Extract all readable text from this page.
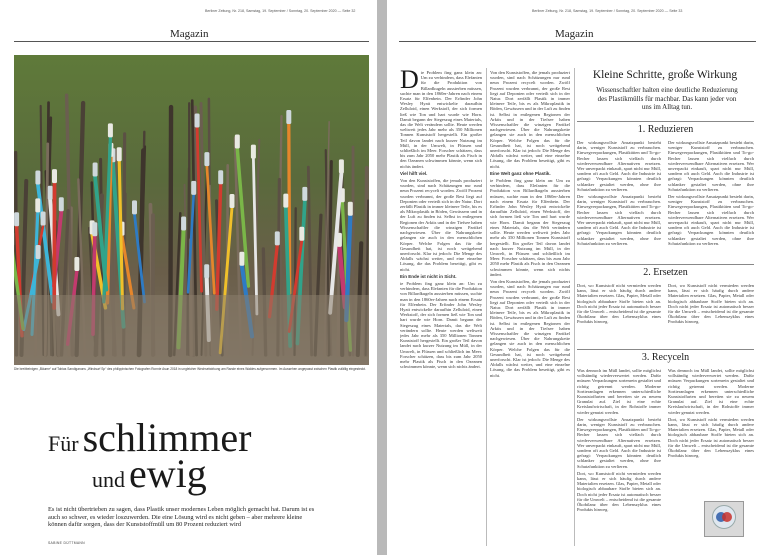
Berliner Zeitung, Nr. 218, Samstag, 19. September / Sonntag, 20. September 2020 — Seite 32
Magazin
Die breitbeinigen „Bäume“ auf Tobias Sandiganons „Windsurf Sp“ des philippinischen Fotografen Ronnie Asun 2018 in ungleicher Wechselwirkung am Rande eines Waldes aufgenommen. Im Aussehen angepasst zwischen Plastik zufällig eingesteckt.
Für schlimmer
und ewig
Es ist nicht übertrieben zu sagen, dass Plastik unser modernes Leben möglich gemacht hat. Darum ist es auch so schwer, es wieder loszuwerden. Die eine Lösung wird es nicht geben – aber mehrere kleine können dafür sorgen, dass der Kunststoffmüll um 80 Prozent reduziert wird
SABINE DÜTTMANN
Berliner Zeitung, Nr. 218, Samstag, 19. September / Sonntag, 20. September 2020 — Seite 33
Magazin
D ie Problem fing ganz klein an: Um zu verhindern, dass Elefanten für die Produktion von Billardkugeln aussterben müssen, suchte man in den 1860er-Jahren nach einem Ersatz für Elfenbein. Der Erfinder John Wesley Hyatt entwickelte daraufhin Zelluloid, einen Werkstoff, der sich formen ließ wie Ton und hart wurde wie Horn. Damit begann der Siegeszug eines Materials, das die Welt verändern sollte. Heute werden weltweit jedes Jahr mehr als 350 Millionen Tonnen Kunststoff hergestellt. Ein großer Teil davon landet nach kurzer Nutzung im Müll, in der Umwelt, in Flüssen und schließlich im Meer. Forscher schätzen, dass bis zum Jahr 2050 mehr Plastik als Fisch in den Ozeanen schwimmen könnte, wenn sich nichts ändert.

Viel hilft viel.

Von den Kunststoffen, die jemals produziert wurden, sind nach Schätzungen nur rund neun Prozent recycelt worden. Zwölf Prozent wurden verbrannt, der große Rest liegt auf Deponien oder verteilt sich in der Natur. Dort zerfällt Plastik in immer kleinere Teile, bis es als Mikroplastik in Böden, Gewässern und in der Luft zu finden ist. Selbst in entlegenen Regionen der Arktis und in der Tiefsee haben Wissenschaftler die winzigen Partikel nachgewiesen. Über die Nahrungskette gelangen sie auch in den menschlichen Körper. Welche Folgen das für die Gesundheit hat, ist noch weitgehend unerforscht. Klar ist jedoch: Die Menge des Abfalls wächst weiter, und eine einzelne Lösung, die das Problem beseitigt, gibt es nicht.

Ein Ende ist nicht in Sicht.

ie Problem fing ganz klein an: Um zu verhindern, dass Elefanten für die Produktion von Billardkugeln aussterben müssen, suchte man in den 1860er-Jahren nach einem Ersatz für Elfenbein. Der Erfinder John Wesley Hyatt entwickelte daraufhin Zelluloid, einen Werkstoff, der sich formen ließ wie Ton und hart wurde wie Horn. Damit begann der Siegeszug eines Materials, das die Welt verändern sollte. Heute werden weltweit jedes Jahr mehr als 350 Millionen Tonnen Kunststoff hergestellt. Ein großer Teil davon landet nach kurzer Nutzung im Müll, in der Umwelt, in Flüssen und schließlich im Meer. Forscher schätzen, dass bis zum Jahr 2050 mehr Plastik als Fisch in den Ozeanen schwimmen könnte, wenn sich nichts ändert.

Von den Kunststoffen, die jemals produziert wurden, sind nach Schätzungen nur rund neun Prozent recycelt worden. Zwölf Prozent wurden verbrannt, der große Rest liegt auf Deponien oder verteilt sich in der Natur. Dort zerfällt Plastik in immer kleinere Teile, bis es als Mikroplastik in Böden, Gewässern und in der Luft zu finden ist. Selbst in entlegenen Regionen der Arktis und in der Tiefsee haben Wissenschaftler die winzigen Partikel nachgewiesen. Über die Nahrungskette gelangen sie auch in den menschlichen Körper. Welche Folgen das für die Gesundheit hat, ist noch weitgehend unerforscht. Klar ist jedoch: Die Menge des Abfalls wächst weiter, und eine einzelne Lösung, die das Problem beseitigt, gibt es nicht.

Eine Welt ganz ohne Plastik.

ie Problem fing ganz klein an: Um zu verhindern, dass Elefanten für die Produktion von Billardkugeln aussterben müssen, suchte man in den 1860er-Jahren nach einem Ersatz für Elfenbein. Der Erfinder John Wesley Hyatt entwickelte daraufhin Zelluloid, einen Werkstoff, der sich formen ließ wie Ton und hart wurde wie Horn. Damit begann der Siegeszug eines Materials, das die Welt verändern sollte. Heute werden weltweit jedes Jahr mehr als 350 Millionen Tonnen Kunststoff hergestellt. Ein großer Teil davon landet nach kurzer Nutzung im Müll, in der Umwelt, in Flüssen und schließlich im Meer. Forscher schätzen, dass bis zum Jahr 2050 mehr Plastik als Fisch in den Ozeanen schwimmen könnte, wenn sich nichts ändert.

Von den Kunststoffen, die jemals produziert wurden, sind nach Schätzungen nur rund neun Prozent recycelt worden. Zwölf Prozent wurden verbrannt, der große Rest liegt auf Deponien oder verteilt sich in der Natur. Dort zerfällt Plastik in immer kleinere Teile, bis es als Mikroplastik in Böden, Gewässern und in der Luft zu finden ist. Selbst in entlegenen Regionen der Arktis und in der Tiefsee haben Wissenschaftler die winzigen Partikel nachgewiesen. Über die Nahrungskette gelangen sie auch in den menschlichen Körper. Welche Folgen das für die Gesundheit hat, ist noch weitgehend unerforscht. Klar ist jedoch: Die Menge des Abfalls wächst weiter, und eine einzelne Lösung, die das Problem beseitigt, gibt es nicht.

Kleine Schritte, große Wirkung
Wissenschaftler halten eine deutliche Reduzierung des Plastikmülls für machbar. Das kann jeder von uns im Alltag tun.
1. Reduzieren

Der wirkungsvollste Ansatzpunkt besteht darin, weniger Kunststoff zu verbrauchen. Einwegverpackungen, Plastiktüten und To-go-Becher lassen sich vielfach durch wiederverwendbare Alternativen ersetzen. Wer unverpackt einkauft, spart nicht nur Müll, sondern oft auch Geld. Auch die Industrie ist gefragt: Verpackungen könnten deutlich schlanker gestaltet werden, ohne ihre Schutzfunktion zu verlieren.

Der wirkungsvollste Ansatzpunkt besteht darin, weniger Kunststoff zu verbrauchen. Einwegverpackungen, Plastiktüten und To-go-Becher lassen sich vielfach durch wiederverwendbare Alternativen ersetzen. Wer unverpackt einkauft, spart nicht nur Müll, sondern oft auch Geld. Auch die Industrie ist gefragt: Verpackungen könnten deutlich schlanker gestaltet werden, ohne ihre Schutzfunktion zu verlieren.

Der wirkungsvollste Ansatzpunkt besteht darin, weniger Kunststoff zu verbrauchen. Einwegverpackungen, Plastiktüten und To-go-Becher lassen sich vielfach durch wiederverwendbare Alternativen ersetzen. Wer unverpackt einkauft, spart nicht nur Müll, sondern oft auch Geld. Auch die Industrie ist gefragt: Verpackungen könnten deutlich schlanker gestaltet werden, ohne ihre Schutzfunktion zu verlieren.

Der wirkungsvollste Ansatzpunkt besteht darin, weniger Kunststoff zu verbrauchen. Einwegverpackungen, Plastiktüten und To-go-Becher lassen sich vielfach durch wiederverwendbare Alternativen ersetzen. Wer unverpackt einkauft, spart nicht nur Müll, sondern oft auch Geld. Auch die Industrie ist gefragt: Verpackungen könnten deutlich schlanker gestaltet werden, ohne ihre Schutzfunktion zu verlieren.

2. Ersetzen

Dort, wo Kunststoff nicht vermieden werden kann, lässt er sich häufig durch andere Materialien ersetzen. Glas, Papier, Metall oder biologisch abbaubare Stoffe bieten sich an. Doch nicht jeder Ersatz ist automatisch besser für die Umwelt – entscheidend ist die gesamte Ökobilanz über den Lebenszyklus eines Produkts hinweg.

Dort, wo Kunststoff nicht vermieden werden kann, lässt er sich häufig durch andere Materialien ersetzen. Glas, Papier, Metall oder biologisch abbaubare Stoffe bieten sich an. Doch nicht jeder Ersatz ist automatisch besser für die Umwelt – entscheidend ist die gesamte Ökobilanz über den Lebenszyklus eines Produkts hinweg.

3. Recyceln

Was dennoch im Müll landet, sollte möglichst vollständig wiederverwertet werden. Dafür müssen Verpackungen sortenrein gestaltet und richtig getrennt werden. Moderne Sortieranlagen erkennen unterschiedliche Kunststoffarten und bereiten sie zu neuem Granulat auf. Ziel ist eine echte Kreislaufwirtschaft, in der Rohstoffe immer wieder genutzt werden.

Der wirkungsvollste Ansatzpunkt besteht darin, weniger Kunststoff zu verbrauchen. Einwegverpackungen, Plastiktüten und To-go-Becher lassen sich vielfach durch wiederverwendbare Alternativen ersetzen. Wer unverpackt einkauft, spart nicht nur Müll, sondern oft auch Geld. Auch die Industrie ist gefragt: Verpackungen könnten deutlich schlanker gestaltet werden, ohne ihre Schutzfunktion zu verlieren.

Dort, wo Kunststoff nicht vermieden werden kann, lässt er sich häufig durch andere Materialien ersetzen. Glas, Papier, Metall oder biologisch abbaubare Stoffe bieten sich an. Doch nicht jeder Ersatz ist automatisch besser für die Umwelt – entscheidend ist die gesamte Ökobilanz über den Lebenszyklus eines Produkts hinweg.

Was dennoch im Müll landet, sollte möglichst vollständig wiederverwertet werden. Dafür müssen Verpackungen sortenrein gestaltet und richtig getrennt werden. Moderne Sortieranlagen erkennen unterschiedliche Kunststoffarten und bereiten sie zu neuem Granulat auf. Ziel ist eine echte Kreislaufwirtschaft, in der Rohstoffe immer wieder genutzt werden.

Dort, wo Kunststoff nicht vermieden werden kann, lässt er sich häufig durch andere Materialien ersetzen. Glas, Papier, Metall oder biologisch abbaubare Stoffe bieten sich an. Doch nicht jeder Ersatz ist automatisch besser für die Umwelt – entscheidend ist die gesamte Ökobilanz über den Lebenszyklus eines Produkts hinweg.
